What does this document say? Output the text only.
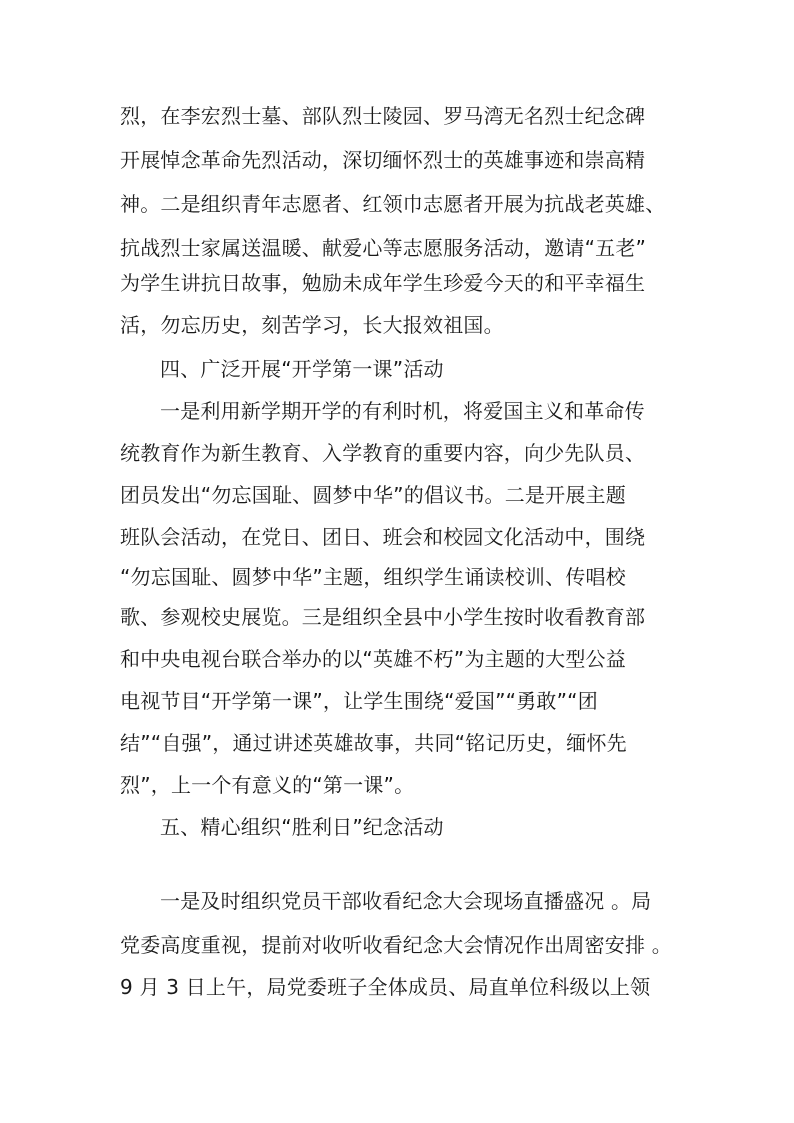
烈，在李宏烈士墓、部队烈士陵园、罗马湾无名烈士纪念碑
开展悼念革命先烈活动，深切缅怀烈士的英雄事迹和崇高精
神。二是组织青年志愿者、红领巾志愿者开展为抗战老英雄、
抗战烈士家属送温暖、献爱心等志愿服务活动，邀请“五老”
为学生讲抗日故事，勉励未成年学生珍爱今天的和平幸福生
活，勿忘历史，刻苦学习，长大报效祖国。
四、广泛开展“开学第一课”活动
一是利用新学期开学的有利时机，将爱国主义和革命传
统教育作为新生教育、入学教育的重要内容，向少先队员、
团员发出“勿忘国耻、圆梦中华”的倡议书。二是开展主题
班队会活动，在党日、团日、班会和校园文化活动中，围绕
“勿忘国耻、圆梦中华”主题，组织学生诵读校训、传唱校
歌、参观校史展览。三是组织全县中小学生按时收看教育部
和中央电视台联合举办的以“英雄不朽”为主题的大型公益
电视节目“开学第一课”，让学生围绕“爱国”“勇敢”“团
结”“自强”，通过讲述英雄故事，共同“铭记历史，缅怀先
烈”，上一个有意义的“第一课”。
五、精心组织“胜利日”纪念活动
一是及时组织党员干部收看纪念大会现场直播盛况 。局
党委高度重视，提前对收听收看纪念大会情况作出周密安排 。
9 月 3 日上午，局党委班子全体成员、局直单位科级以上领
